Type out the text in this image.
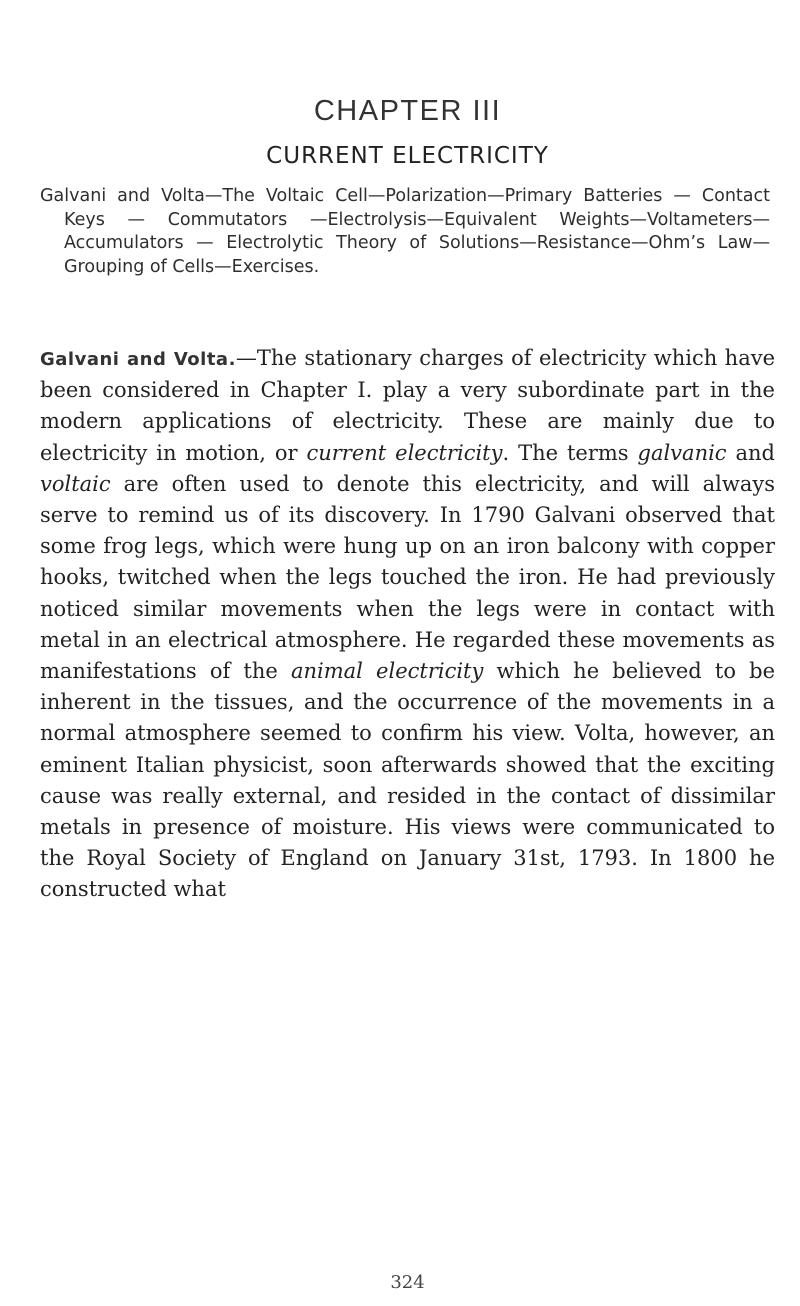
CHAPTER III
CURRENT ELECTRICITY

Galvani and Volta—The Voltaic Cell—Polarization—Primary Batteries — Contact Keys — Commutators —Electrolysis—Equivalent Weights—Voltameters—Accumulators — Electrolytic Theory of Solutions—Resistance—Ohm’s Law—Grouping of Cells—Exercises.

Galvani and Volta.—The stationary charges of electricity which have been considered in Chapter I. play a very subordinate part in the modern applications of electricity. These are mainly due to electricity in motion, or current electricity. The terms galvanic and voltaic are often used to denote this electricity, and will always serve to remind us of its discovery. In 1790 Galvani observed that some frog legs, which were hung up on an iron balcony with copper hooks, twitched when the legs touched the iron. He had previously noticed similar movements when the legs were in contact with metal in an electrical atmosphere. He regarded these movements as manifestations of the animal electricity which he believed to be inherent in the tissues, and the occurrence of the movements in a normal atmosphere seemed to confirm his view. Volta, however, an eminent Italian physicist, soon afterwards showed that the exciting cause was really external, and resided in the contact of dissimilar metals in presence of moisture. His views were communicated to the Royal Society of England on January 31st, 1793. In 1800 he constructed what

324
